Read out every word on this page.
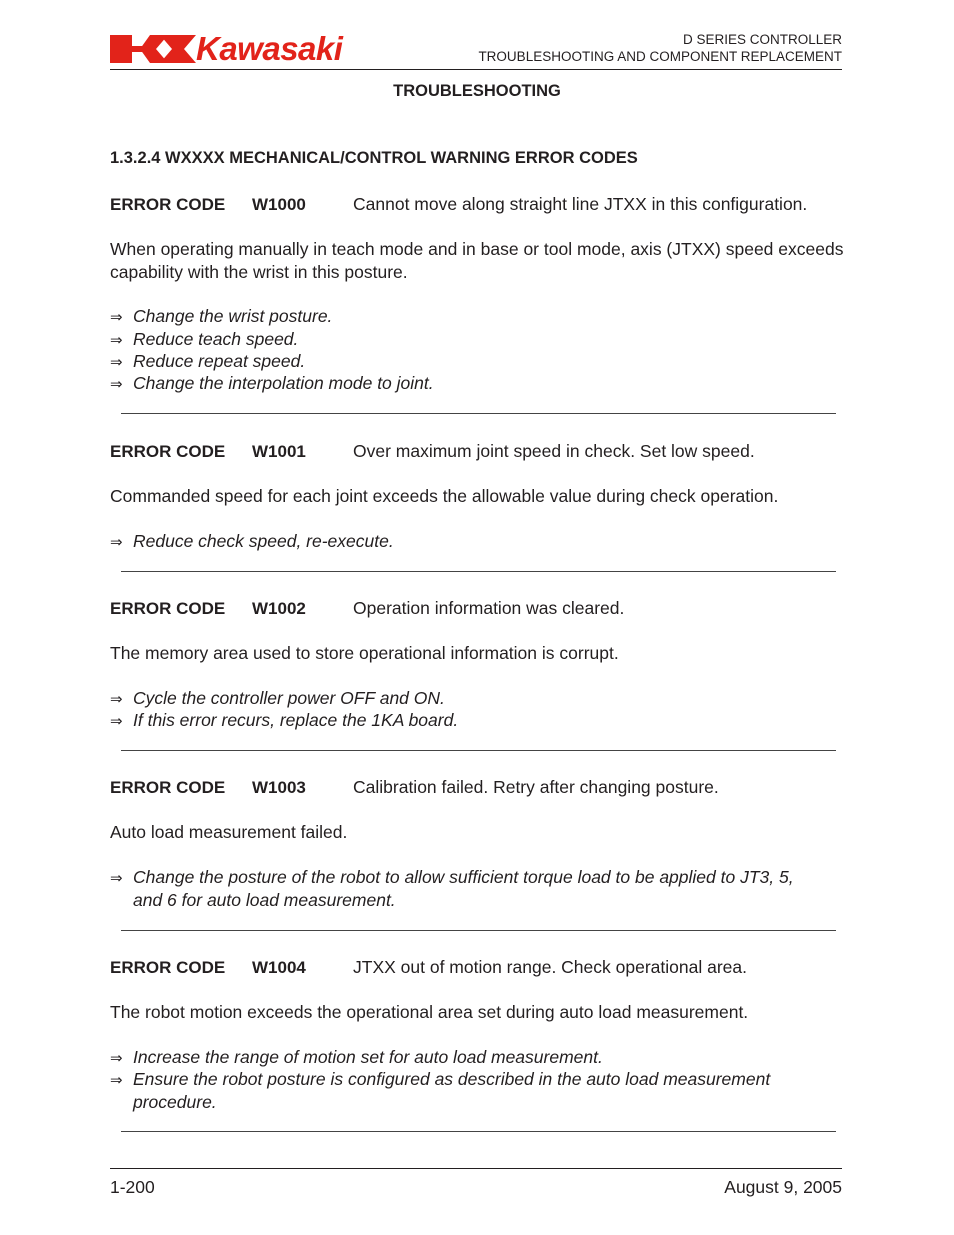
Kawasaki	D SERIES CONTROLLER
TROUBLESHOOTING AND COMPONENT REPLACEMENT
TROUBLESHOOTING
1.3.2.4 WXXXX MECHANICAL/CONTROL WARNING ERROR CODES
ERROR CODE W1000	Cannot move along straight line JTXX in this configuration.
When operating manually in teach mode and in base or tool mode, axis (JTXX) speed exceeds capability with the wrist in this posture.
⇒ Change the wrist posture.
⇒ Reduce teach speed.
⇒ Reduce repeat speed.
⇒ Change the interpolation mode to joint.
ERROR CODE W1001	Over maximum joint speed in check. Set low speed.
Commanded speed for each joint exceeds the allowable value during check operation.
⇒ Reduce check speed, re-execute.
ERROR CODE W1002	Operation information was cleared.
The memory area used to store operational information is corrupt.
⇒ Cycle the controller power OFF and ON.
⇒ If this error recurs, replace the 1KA board.
ERROR CODE W1003	Calibration failed. Retry after changing posture.
Auto load measurement failed.
⇒ Change the posture of the robot to allow sufficient torque load to be applied to JT3, 5,
and 6 for auto load measurement.
ERROR CODE W1004	JTXX out of motion range. Check operational area.
The robot motion exceeds the operational area set during auto load measurement.
⇒ Increase the range of motion set for auto load measurement.
⇒ Ensure the robot posture is configured as described in the auto load measurement
procedure.
1-200	August 9, 2005
